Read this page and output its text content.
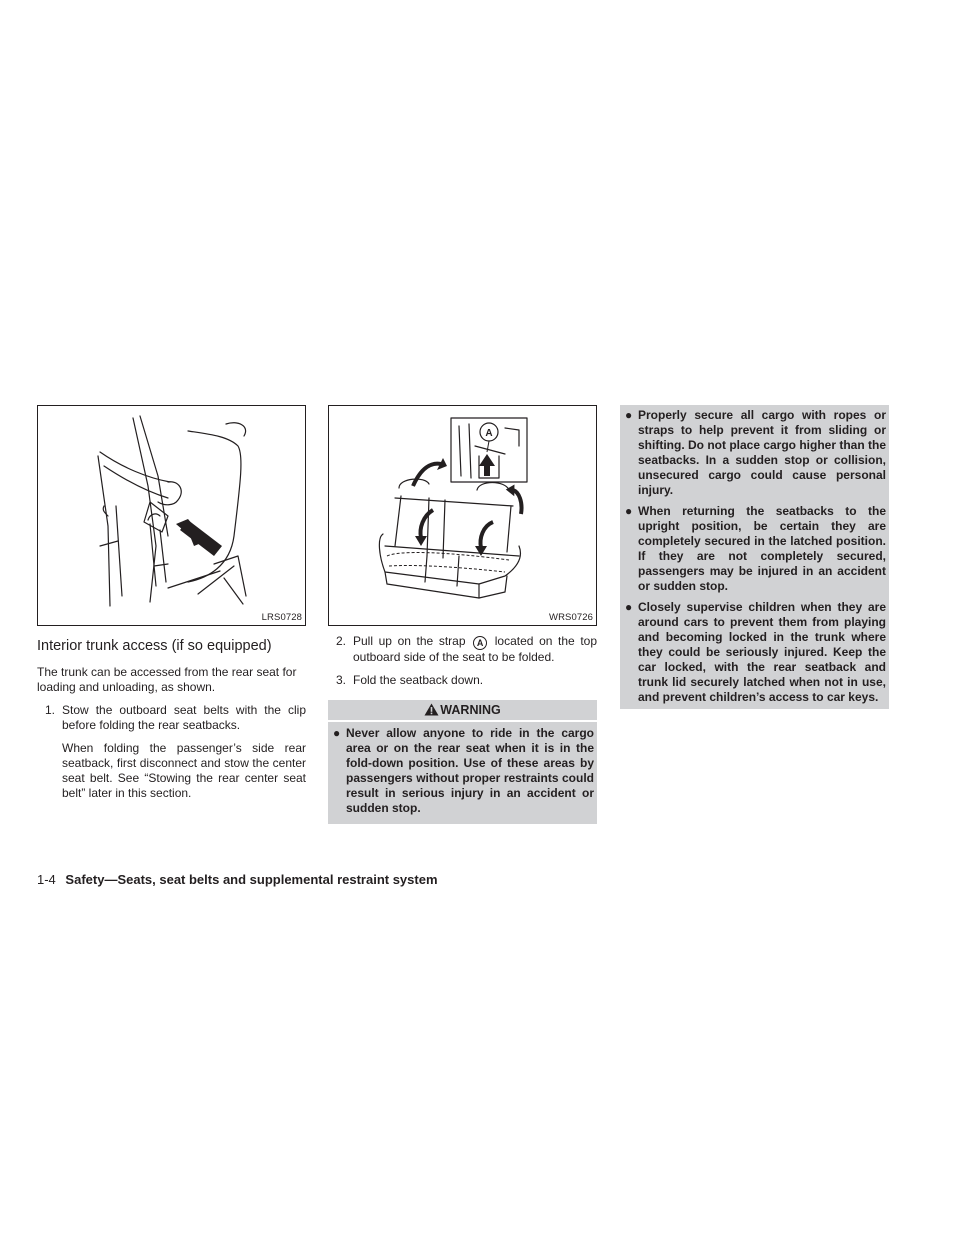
LRS0728
Interior trunk access (if so equipped)

The trunk can be accessed from the rear seat for loading and unloading, as shown.

1. Stow the outboard seat belts with the clip before folding the rear seatbacks.

When folding the passenger’s side rear seatback, first disconnect and stow the center seat belt. See “Stowing the rear center seat belt” later in this section.

A
WRS0726
2. Pull up on the strap A located on the top outboard side of the seat to be folded.
3. Fold the seatback down.
WARNING
● Never allow anyone to ride in the cargo area or on the rear seat when it is in the fold-down position. Use of these areas by passengers without proper restraints could result in serious injury in an accident or sudden stop.
● Properly secure all cargo with ropes or straps to help prevent it from sliding or shifting. Do not place cargo higher than the seatbacks. In a sudden stop or collision, unsecured cargo could cause personal injury.
● When returning the seatbacks to the upright position, be certain they are completely secured in the latched position. If they are not completely secured, passengers may be injured in an accident or sudden stop.
● Closely supervise children when they are around cars to prevent them from playing and becoming locked in the trunk where they could be seriously injured. Keep the car locked, with the rear seatback and trunk lid securely latched when not in use, and prevent children’s access to car keys.
1-4 Safety—Seats, seat belts and supplemental restraint system
